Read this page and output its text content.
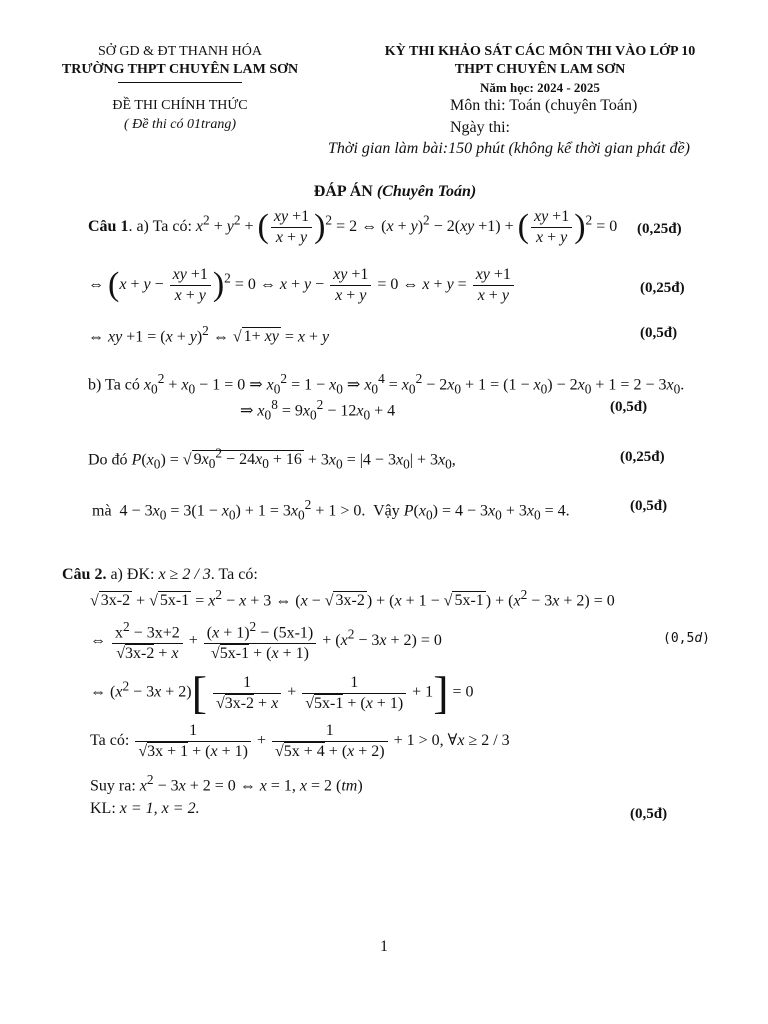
SỞ GD & ĐT THANH HÓA
TRƯỜNG THPT CHUYÊN LAM SƠN
ĐỀ THI CHÍNH THỨC
( Đề thi có 01trang)
KỲ THI KHẢO SÁT CÁC MÔN THI VÀO LỚP 10
THPT CHUYÊN LAM SƠN
Năm học: 2024 - 2025
Môn thi: Toán (chuyên Toán)
Ngày thi:
Thời gian làm bài:150 phút (không kể thời gian phát đề)
ĐÁP ÁN (Chuyên Toán)
Câu 1. a) Ta có: $x^2 + y^2$ + ( $\frac{xy +1}{x + y} )^2 = 2$ ⇔ $(x + y)^2 - 2(xy +1)$ + ( $\frac{xy +1}{x + y} )^2 = 0$ (0,25đ)
⇔ $(x + y - \frac{xy +1}{x + y} )^2 = 0$ ⇔ $x + y - \frac{xy +1}{x + y} = 0$ ⇔ $x + y = \frac{xy +1}{x + y}$	(0,25đ)
⇔ xy $+1 = (x + y)^2$ ⇔ √ 1+ xy = x + y	(0,5đ)
b) Ta có $x_0^2 + x_0 - 1 = 0$ ⇒ $x_0^2 = 1 - x_0$ ⇒ $x_0^4 = x_0^2 - 2x_0 + 1 = (1 - x_0) - 2x_0 + 1 = 2 - 3x_0$.
⇒ $x_0^8 = 9x_0^2 - 12x_0 + 4$	(0,5đ)
Do đó $P(x_0)$ = √ $9x_0^2 - 24x_0 + 16 + 3x_0 = |4 - 3x_0| + 3x_0$,	(0,25đ)
mà  $4 - 3x_0 = 3(1 - x_0) + 1 = 3x_0^2 + 1 > 0$.  Vậy $P(x_0) = 4 - 3x_0 + 3x_0 = 4$.	(0,5đ)
Câu 2. a) ĐK: x ≥ 2 / 3. Ta có:
√ 3x-2 + √ $5x-1 = x^2 - x + 3$ ⇔ (x − √ 3x-2 ) + (x + 1 − √ 5x-1 ) + $(x^2 - 3x + 2) = 0$
⇔ $\frac{x^2 - 3x+2}{√3x-2 + x} + \frac{(x + 1)^2 - (5x-1)}{√5x-1 + (x + 1)} + (x^2 - 3x + 2) = 0$	(0,5d)
⇔ $(x^2 - 3x + 2)[ \frac{1}{√3x-2 + x} + \frac{1}{√5x-1 + (x + 1)} + 1] = 0$
Ta có: $\frac{1}{√3x + 1 + (x + 1)} + \frac{1}{√5x + 4 + (x + 2)} + 1 > 0$, ∀x ≥ 2 / 3
Suy ra: $x^2 - 3x + 2 = 0$ ⇔ x = 1, x = 2 (tm)
KL: x = 1, x = 2.	(0,5đ)
1
